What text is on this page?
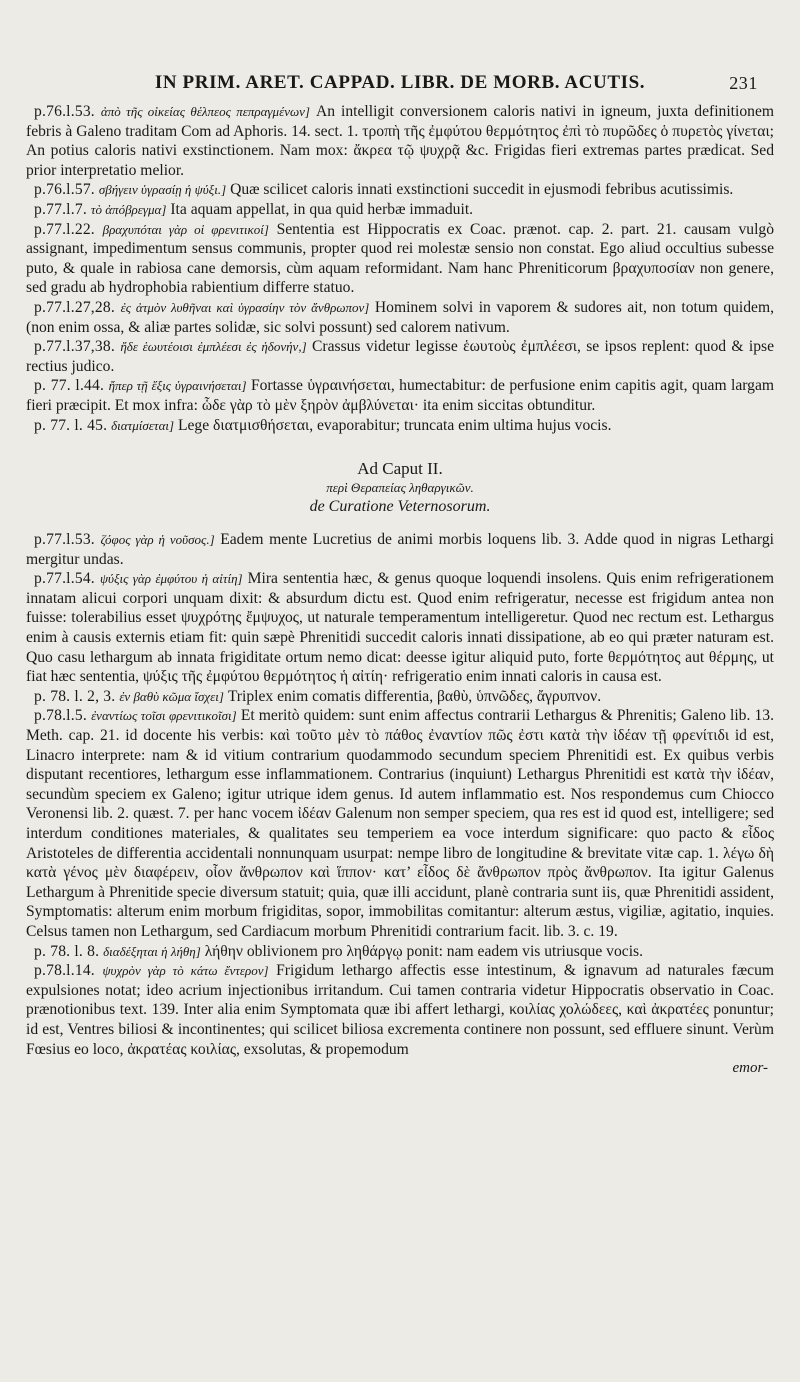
IN PRIM. ARET. CAPPAD. LIBR. DE MORB. ACUTIS.	231

p.76.l.53. ἀπὸ τῆς οἰκείας θέλπεος πεπραγμένων] An intelligit conversionem caloris nativi in igneum, juxta definitionem febris à Galeno traditam Com ad Aphoris. 14. sect. 1. τροπὴ τῆς ἐμφύτου θερμότητος ἐπὶ τὸ πυρῶδες ὁ πυρετὸς γίνεται; An potius caloris nativi exstinctionem. Nam mox: ἄκρεα τῷ ψυχρᾷ &c. Frigidas fieri extremas partes prædicat. Sed prior interpretatio melior.

p.76.l.57. σβήγειν ὑγρασίῃ ἡ ψύξι.] Quæ scilicet caloris innati exstinctioni succedit in ejusmodi febribus acutissimis.

p.77.l.7. τὸ ἀπόβρεγμα] Ita aquam appellat, in qua quid herbæ immaduit.

p.77.l.22. βραχυπόται γὰρ οἱ φρενιτικοί] Sententia est Hippocratis ex Coac. prænot. cap. 2. part. 21. causam vulgò assignant, impedimentum sensus communis, propter quod rei molestæ sensio non constat. Ego aliud occultius subesse puto, & quale in rabiosa cane demorsis, cùm aquam reformidant. Nam hanc Phreniticorum βραχυποσίαν non genere, sed gradu ab hydrophobia rabientium differre statuo.

p.77.l.27,28. ἐς ἀτμὸν λυθῆναι καὶ ὑγρασίην τὸν ἄνθρωπον] Hominem solvi in vaporem & sudores ait, non totum quidem, (non enim ossa, & aliæ partes solidæ, sic solvi possunt) sed calorem nativum.

p.77.l.37,38. ἤδε ἑωυτέοισι ἐμπλέεσι ἐς ἡδονήν,] Crassus videtur legisse ἑωυτοὺς ἐμπλέεσι, se ipsos replent: quod & ipse rectius judico.

p. 77. l.44. ἤπερ τῇ ἕξις ὑγραινήσεται] Fortasse ὑγραινήσεται, humectabitur: de perfusione enim capitis agit, quam largam fieri præcipit. Et mox infra: ὧδε γὰρ τὸ μὲν ξηρὸν ἀμβλύνεται· ita enim siccitas obtunditur.

p. 77. l. 45. διατμίσεται] Lege διατμισθήσεται, evaporabitur; truncata enim ultima hujus vocis.

Ad Caput II.
περὶ Θεραπείας ληθαργικῶν.
de Curatione Veternosorum.

p.77.l.53. ζόφος γὰρ ἡ νοῦσος.] Eadem mente Lucretius de animi morbis loquens lib. 3. Adde quod in nigras Lethargi mergitur undas.

p.77.l.54. ψύξις γὰρ ἐμφύτου ἡ αἰτίη] Mira sententia hæc, & genus quoque loquendi insolens. Quis enim refrigerationem innatam alicui corpori unquam dixit: & absurdum dictu est. Quod enim refrigeratur, necesse est frigidum antea non fuisse: tolerabilius esset ψυχρότης ἔμψυχος, ut naturale temperamentum intelligeretur. Quod nec rectum est. Lethargus enim à causis externis etiam fit: quin sæpè Phrenitidi succedit caloris innati dissipatione, ab eo qui præter naturam est. Quo casu lethargum ab innata frigiditate ortum nemo dicat: deesse igitur aliquid puto, forte θερμότητος aut θέρμης, ut fiat hæc sententia, ψύξις τῆς ἐμφύτου θερμότητος ἡ αἰτίη· refrigeratio enim innati caloris in causa est.

p. 78. l. 2, 3. ἐν βαθὺ κῶμα ἴσχει] Triplex enim comatis differentia, βαθὺ, ὑπνῶδες, ἄγρυπνον.

p.78.l.5. ἐναντίως τοῖσι φρενιτικοῖσι] Et meritò quidem: sunt enim affectus contrarii Lethargus & Phrenitis; Galeno lib. 13. Meth. cap. 21. id docente his verbis: καὶ τοῦτο μὲν τὸ πάθος ἐναντίον πῶς ἐστι κατὰ τὴν ἰδέαν τῇ φρενίτιδι id est, Linacro interprete: nam & id vitium contrarium quodammodo secundum speciem Phrenitidi est. Ex quibus verbis disputant recentiores, lethargum esse inflammationem. Contrarius (inquiunt) Lethargus Phrenitidi est κατὰ τὴν ἰδέαν, secundùm speciem ex Galeno; igitur utrique idem genus. Id autem inflammatio est. Nos respondemus cum Chiocco Veronensi lib. 2. quæst. 7. per hanc vocem ἰδέαν Galenum non semper speciem, qua res est id quod est, intelligere; sed interdum conditiones materiales, & qualitates seu temperiem ea voce interdum significare: quo pacto & εἶδος Aristoteles de differentia accidentali nonnunquam usurpat: nempe libro de longitudine & brevitate vitæ cap. 1. λέγω δὴ κατὰ γένος μὲν διαφέρειν, οἷον ἄνθρωπον καὶ ἵππον· κατ’ εἶδος δὲ ἄνθρωπον πρὸς ἄνθρωπον. Ita igitur Galenus Lethargum à Phrenitide specie diversum statuit; quia, quæ illi accidunt, planè contraria sunt iis, quæ Phrenitidi assident, Symptomatis: alterum enim morbum frigiditas, sopor, immobilitas comitantur: alterum æstus, vigiliæ, agitatio, inquies. Celsus tamen non Lethargum, sed Cardiacum morbum Phrenitidi contrarium facit. lib. 3. c. 19.

p. 78. l. 8. διαδέξηται ἡ λήθη] λήθην oblivionem pro ληθάργῳ ponit: nam eadem vis utriusque vocis.

p.78.l.14. ψυχρὸν γὰρ τὸ κάτω ἔντερον] Frigidum lethargo affectis esse intestinum, & ignavum ad naturales fæcum expulsiones notat; ideo acrium injectionibus irritandum. Cui tamen contraria videtur Hippocratis observatio in Coac. prænotionibus text. 139. Inter alia enim Symptomata quæ ibi affert lethargi, κοιλίας χολώδεες, καὶ ἀκρατέες ponuntur; id est, Ventres biliosi & incontinentes; qui scilicet biliosa excrementa continere non possunt, sed effluere sinunt. Verùm Fœsius eo loco, ἀκρατέας κοιλίας, exsolutas, & propemodum

emor-
